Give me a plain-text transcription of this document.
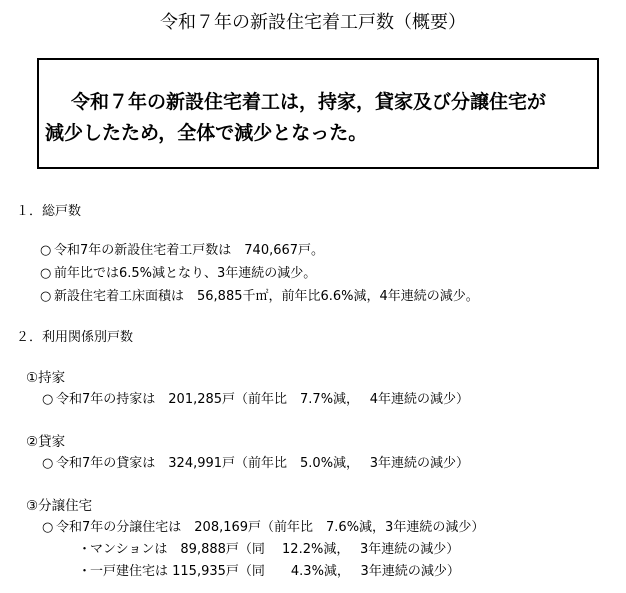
令和７年の新設住宅着工戸数（概要）
令和７年の新設住宅着工は，持家，貸家及び分譲住宅が
減少したため，全体で減少となった。
１．総戸数
○ 令和7年の新設住宅着工戸数は　740,667戸。
○ 前年比では6.5%減となり、3年連続の減少。
○ 新設住宅着工床面積は　56,885千㎡，前年比6.6%減，4年連続の減少。
２．利用関係別戸数
①持家
○ 令和7年の持家は　201,285戸（前年比　7.7%減，　 4年連続の減少）
②貸家
○ 令和7年の貸家は　324,991戸（前年比　5.0%減，　 3年連続の減少）
③分譲住宅
○ 令和7年の分譲住宅は　208,169戸（前年比　7.6%減，3年連続の減少）
・マンションは　89,888戸（同　 12.2%減，　 3年連続の減少）
・一戸建住宅は 115,935戸（同　　4.3%減，　 3年連続の減少）
